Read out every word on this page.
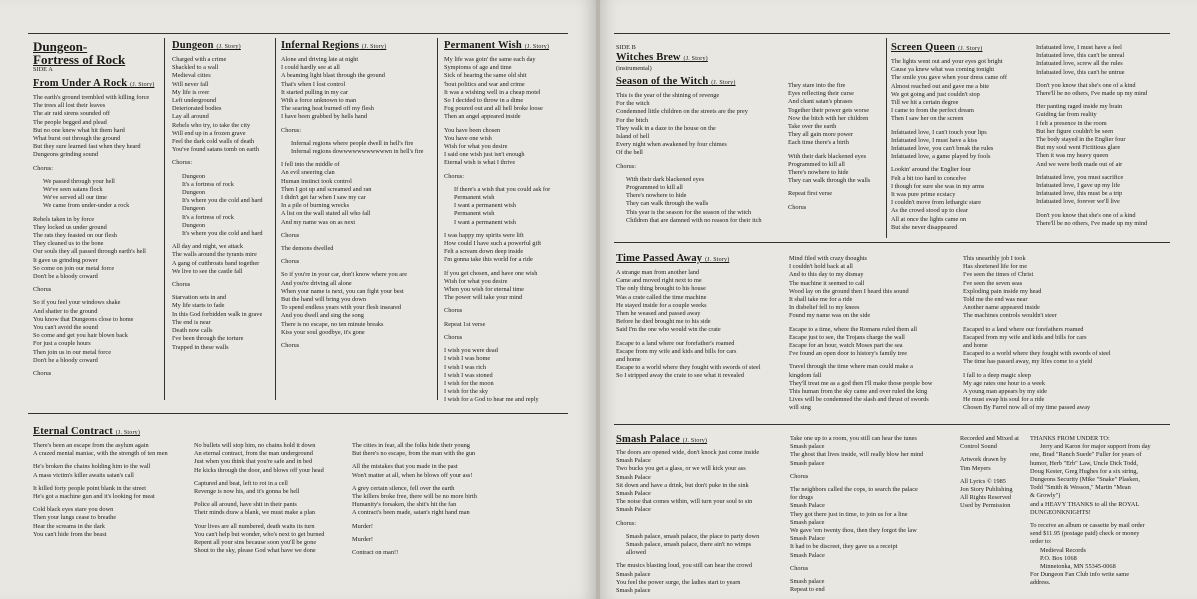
Dungeon-
Fortress of Rock
SIDE A
From Under A Rock (J. Story)
The earth's ground trembled with killing force
The trees all lost their leaves
The air raid sirens sounded off
The people begged and plead
But no one knew what hit them hard
What burst out through the ground
But they sure learned fast when they heard
Dungeons grinding sound
Chorus:
We passed through your hell
We've seen satans flock
We've served all our time
We came from under-under a rock
Rebels taken in by force
They locked us under ground
The rats they feasted on our flesh
They cleaned us to the bone
Our souls they all passed through earth's hell
It gave us grinding power
So come on join our metal force
Don't be a bloody coward
Chorus
So if you feel your windows shake
And shatter to the ground
You know that Dungeons close to home
You can't avoid the sound
So come and get you hair blown back
For just a couple hours
Then join us in our metal force
Don't be a bloody coward
Chorus
Dungeon (J. Story)
Charged with a crime
Shackled to a wall
Medieval cities
Will never fall
My life is over
Left underground
Deteriorated bodies
Lay all around
Rebels who try, to take the city
Will end up in a frozen grave
Feel the dark cold walls of death
You've found satans tomb on earth
Chorus:
Dungeon
It's a fortress of rock
Dungeon
It's where you die cold and hard
Dungeon
It's a fortress of rock
Dungeon
It's where you die cold and hard
All day and night, we attack
The walls around the tyrants mire
A gang of cutthroats band together
We live to see the castle fall
Chorus
Starvation sets in and
My life starts to fade
In this God forbidden walk in grave
The end is near
Death now calls
I've been through the torture
Trapped in these walls
Infernal Regions (J. Story)
Alone and driving late at night
I could hardly see at all
A beaming light blast through the ground
That's when I lost control
It started pulling in my car
With a force unknown to man
The searing heat burned off my flesh
I have been grabbed by hells hand
Chorus:
Infernal regions where people dwell in hell's fire
Infernal regions dowwwwwwwwwwwn in hell's fire
I fell into the middle of
An evil sneering clan
Human instinct took control
Then I got up and screamed and ran
I didn't get far when I saw my car
In a pile of burning wrecks
A list on the wall stated all who fall
And my name was on as next
Chorus
The demons dwelled
Chorus
So if you're in your car, don't know where you are
And you're driving all alone
When your name is next, you can fight your best
But the hand will bring you down
To spend endless years with your flesh inseared
And you dwell and sing the song
There is no escape, no ten minute breaks
Kiss your soul goodbye, it's gone
Chorus
Permanent Wish (J. Story)
My life was goin' the same each day
Symptoms of age and time
Sick of hearing the same old shit
'bout politics and war and crime
It was a wishing well in a cheap motel
So I decided to throw in a dime
Fog poured out and all hell broke loose
Then an angel appeared inside
You have been chosen
You have one wish
Wish for what you desire
I said one wish just isn't enough
Eternal wish is what I thrive
Chorus:
If there's a wish that you could ask for
Permanent wish
I want a permanent wish
Permanent wish
I want a permanent wish
I was happy my spirits were lift
How could I have such a powerful gift
Felt a scream down deep inside
I'm gonna take this world for a ride
If you get chosen, and have one wish
Wish for what you desire
When you wish for eternal time
The power will take your mind
Chorus
Repeat 1st verse
Chorus
I wish you were dead
I wish I was home
I wish I was rich
I wish I was stoned
I wish for the moon
I wish for the sky
I wish for a God to hear me and reply
Eternal Contract (J. Story)
There's been an escape from the asylum again
A crazed mental maniac, with the strength of ten men
He's broken the chains holding him to the wall
A mass victim's killer awaits satan's call
It killed forty people point blank in the street
He's got a machine gun and it's looking for meat
Cold black eyes stare you down
Then your lungs cease to breathe
Hear the screams in the dark
You can't hide from the beast
No bullets will stop him, no chains hold it down
An eternal contract, from the man underground
Just when you think that you're safe and in bed
He kicks through the door, and blows off your head
Captured and beat, left to rot in a cell
Revenge is now his, and it's gonna be hell
Police all around, have shit in their pants
Their minds draw a blank, we must make a plan
Your lives are all numbered, death waits its turn
You can't help but wonder, who's next to get burned
Repent all your sins because soon you'll be gone
Shout to the sky, please God what have we done
The cities in fear, all the folks hide their young
But there's no escape, from the man with the gun
All the mistakes that you made in the past
Won't matter at all, when he blows off your ass!
A grey certain silence, fell over the earth
The killers broke free, there will be no more birth
Humanity's forsaken, the shit's hit the fan
A contract's been made, satan's right hand man
Murder!
Murder!
Contract on man!!
SIDE B
Witches Brew (J. Story)
(instrumental)
Season of the Witch (J. Story)
This is the year of the shining of revenge
For the witch
Condemned little children on the streets are the prey
For the bitch
They walk in a daze to the house on the
Island of hell
Every night when awakened by four chimes
Of the bell
Chorus:
With their dark blackened eyes
Programmed to kill all
There's nowhere to hide
They can walk through the walls
This year is the season for the season of the witch
Children that are damned with no reason for their itch
They stare into the fire
Eyes reflecting their curse
And chant satan's phrases
Together their power gets worse
Now the bitch with her children
Take over the earth
They all gain more power
Each time there's a birth
With their dark blackened eyes
Programmed to kill all
There's nowhere to hide
They can walk through the walls
Repeat first verse
Chorus
Screen Queen (J. Story)
The lights went out and your eyes got bright
Cause ya knew what was coming tonight
The smile you gave when your dress came off
Almost reached out and gave me a bite
We got going and just couldn't stop
Till we hit a certain degree
I came to from the perfect dream
Then I saw her on the screen
Infatuated love, I can't touch your lips
Infatuated love, I must have a kiss
Infatuated love, you can't break the rules
Infatuated love, a game played by fools
Lookin' around the Englier four
Felt a bit too hard to concelve
I though for sure she was in my arms
It was pure prime ecstacy
I couldn't move from lethargic stare
As the crowd stood up to clear
All at once the lights came on
But she never disappeared
Infatuated love, I must have a feel
Infatuated love, this can't be unreal
Infatuated love, screw all the rules
Infatuated love, this can't be untrue
Don't you know that she's one of a kind
There'll be no others, I've made up my mind
Her panting raged inside my brain
Guiding far from reality
I felt a presence in the room
But her figure couldn't be seen
The body stayed in the Englier four
But my soul went Fictitious glare
Then it was my heavy queen
And we were both made out of air
Infatuated love, you must sacrifice
Infatuated love, I gave up my life
Infatuated love, this must be a trip
Infatuated love, forever we'll live
Don't you know that she's one of a kind
There'll be no others, I've made up my mind
Time Passed Away (J. Story)
A strange man from another land
Came and moved right next to me
The only thing brought to his house
Was a crate called the time machine
He stayed inside for a couple weeks
Then he weased and passed away
Before he died brought me to his side
Said I'm the one who would win the crate
Escape to a land where our forefather's roamed
Escape from my wife and kids and bills for cars
and home
Escape to a world where they fought with swords of steel
So I stripped away the crate to see what it revealed
Mind filed with crazy thoughts
I couldn't hold back at all
And to this day to my dismay
The machine it seemed to call
Wood lay on the ground then I heard this sound
It shall take me for a ride
In disbelief fell to my knees
Found my name was on the side
Escape to a time, where the Romans ruled them all
Escape just to see, the Trojans charge the wall
Escape for an hour, watch Moses part the sea
I've found an open door to history's family tree
Travel through the time where man could make a
kingdom fall
They'll treat me as a god then I'll make those people bow
This human from the sky came and over ruled the king
Lives will be condemned the slash and thrust of swords
will sing
This unearthly job I took
Has shortened life for me
I've seen the times of Christ
I've seen the seven seas
Exploding pain inside my head
Told me the end was near
Another name appeared inside
The machines controls wouldn't steer
Escaped to a land where our forefathers roamed
Escaped from my wife and kids and bills for cars
and home
Escaped to a world where they fought with swords of steel
The time has passed away, my lifes come to a yield
I fall to a deep magic sleep
My age rates one hour to a week
A young man appears by my side
He must swap his soul for a ride
Chosen By Farrel now all of my time passed away
Smash Palace (J. Story)
The doors are opened wide, don't knock just come inside
Smash Palace
Two bucks you get a glass, or we will kick your ass
Smash Palace
Sit down and have a drink, but don't puke in the sink
Smash Palace
The noise that comes within, will turn your soul to sin
Smash Palace
Chorus:
Smash palace, smash palace, the place to party down
Smash palace, smash palace, there ain't no wimps
allowed
The musics blasting loud, you still can hear the crowd
Smash palace
You feel the power surge, the ladies start to yearn
Smash palace
Take one up to a room, you still can hear the tunes
Smash palace
The ghost that lives inside, will really blow her mind
Smash palace
Chorus
The neighbors called the cops, to search the palace
for drugs
Smash Palace
They got there just in time, to join us for a line
Smash palace
We gave 'em twenty thou, then they forgot the law
Smash Palace
It had to be discreet, they gave us a receipt
Smash Palace
Chorus
Smash palace
Repeat to end
Recorded and Mixed at
Control Sound
Artwork drawn by
Tim Meyers
All Lyrics © 1985
Jon Story Publishing
All Rights Reserved
Used by Permission
THANKS FROM UNDER TO:
Jerry and Karon for major support from day
one, Brad "Ranch Suede" Fuller for years of
humor, Herb "Erb" Law, Uncle Dick Todd,
Doug Kester, Greg Hughes for a six string,
Dungeons Security (Mike "Snake" Plasken,
Todd "Smith & Wesson," Martin "Mean
& Growly")
and a HEAVY THANKS to all the ROYAL
DUNGEONKNIGHTS!
To receive an album or cassette by mail order
send $11.95 (postage paid) check or money
order to:
Medieval Records
P.O. Box 1068
Minnetonka, MN 55345-0068
For Dungeon Fan Club info write same
address.
